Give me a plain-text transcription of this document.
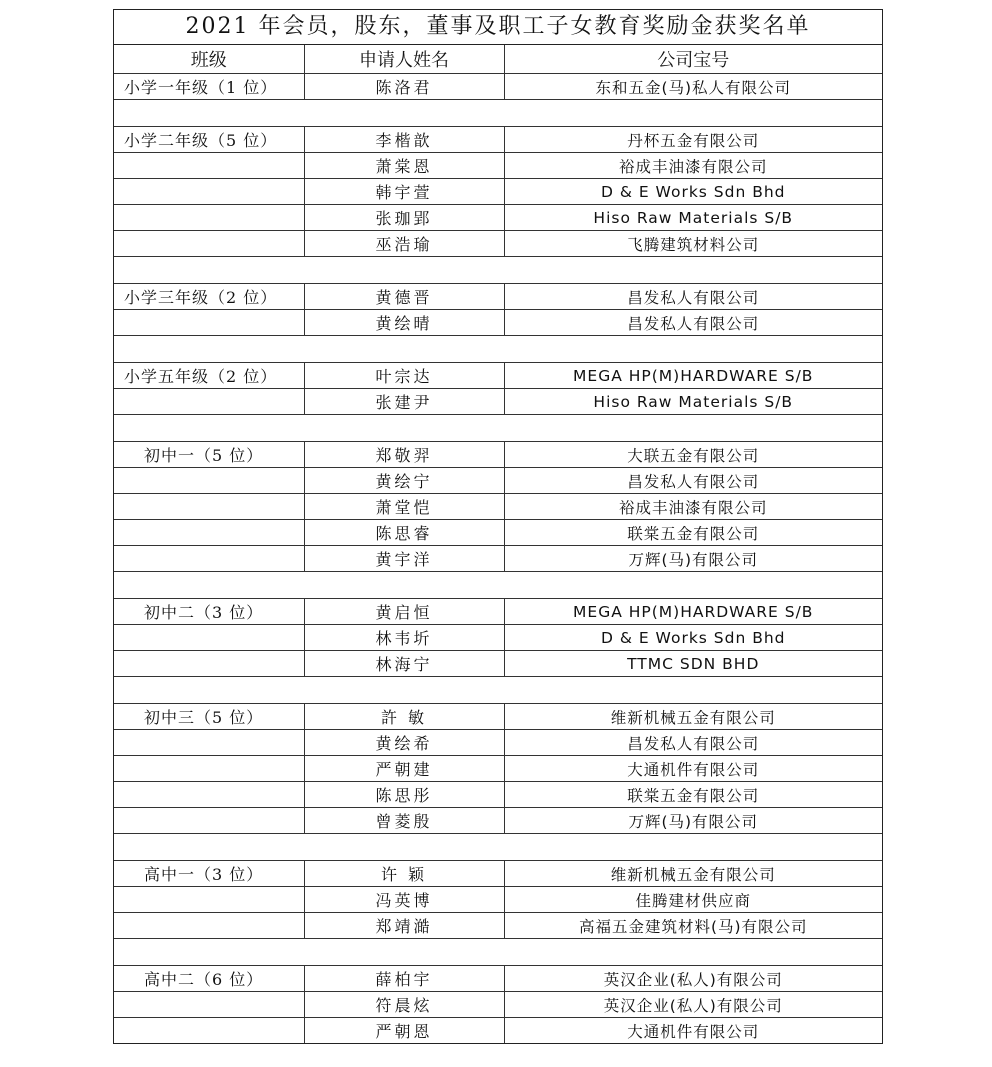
2021 年会员，股东，董事及职工子女教育奖励金获奖名单
班级	申请人姓名	公司宝号
小学一年级（1 位）	陈洛君	东和五金(马)私人有限公司

小学二年级（5 位）	李楷歆	丹杯五金有限公司
	萧棠恩	裕成丰油漆有限公司
	韩宇萱	D & E Works Sdn Bhd
	张珈郢	Hiso Raw Materials S/B
	巫浩瑜	飞腾建筑材料公司

小学三年级（2 位）	黄德晋	昌发私人有限公司
	黄绘晴	昌发私人有限公司

小学五年级（2 位）	叶宗达	MEGA HP(M)HARDWARE S/B
	张建尹	Hiso Raw Materials S/B

初中一（5 位）	郑敬羿	大联五金有限公司
	黄绘宁	昌发私人有限公司
	萧堂恺	裕成丰油漆有限公司
	陈思睿	联棠五金有限公司
	黄宇洋	万辉(马)有限公司

初中二（3 位）	黄启恒	MEGA HP(M)HARDWARE S/B
	林韦圻	D & E Works Sdn Bhd
	林海宁	TTMC SDN BHD

初中三（5 位）	許 敏	维新机械五金有限公司
	黄绘希	昌发私人有限公司
	严朝建	大通机件有限公司
	陈思彤	联棠五金有限公司
	曾菱殷	万辉(马)有限公司

高中一（3 位）	许 颖	维新机械五金有限公司
	冯英博	佳腾建材供应商
	郑靖澔	高福五金建筑材料(马)有限公司

高中二（6 位）	薛柏宇	英汉企业(私人)有限公司
	符晨炫	英汉企业(私人)有限公司
	严朝恩	大通机件有限公司
